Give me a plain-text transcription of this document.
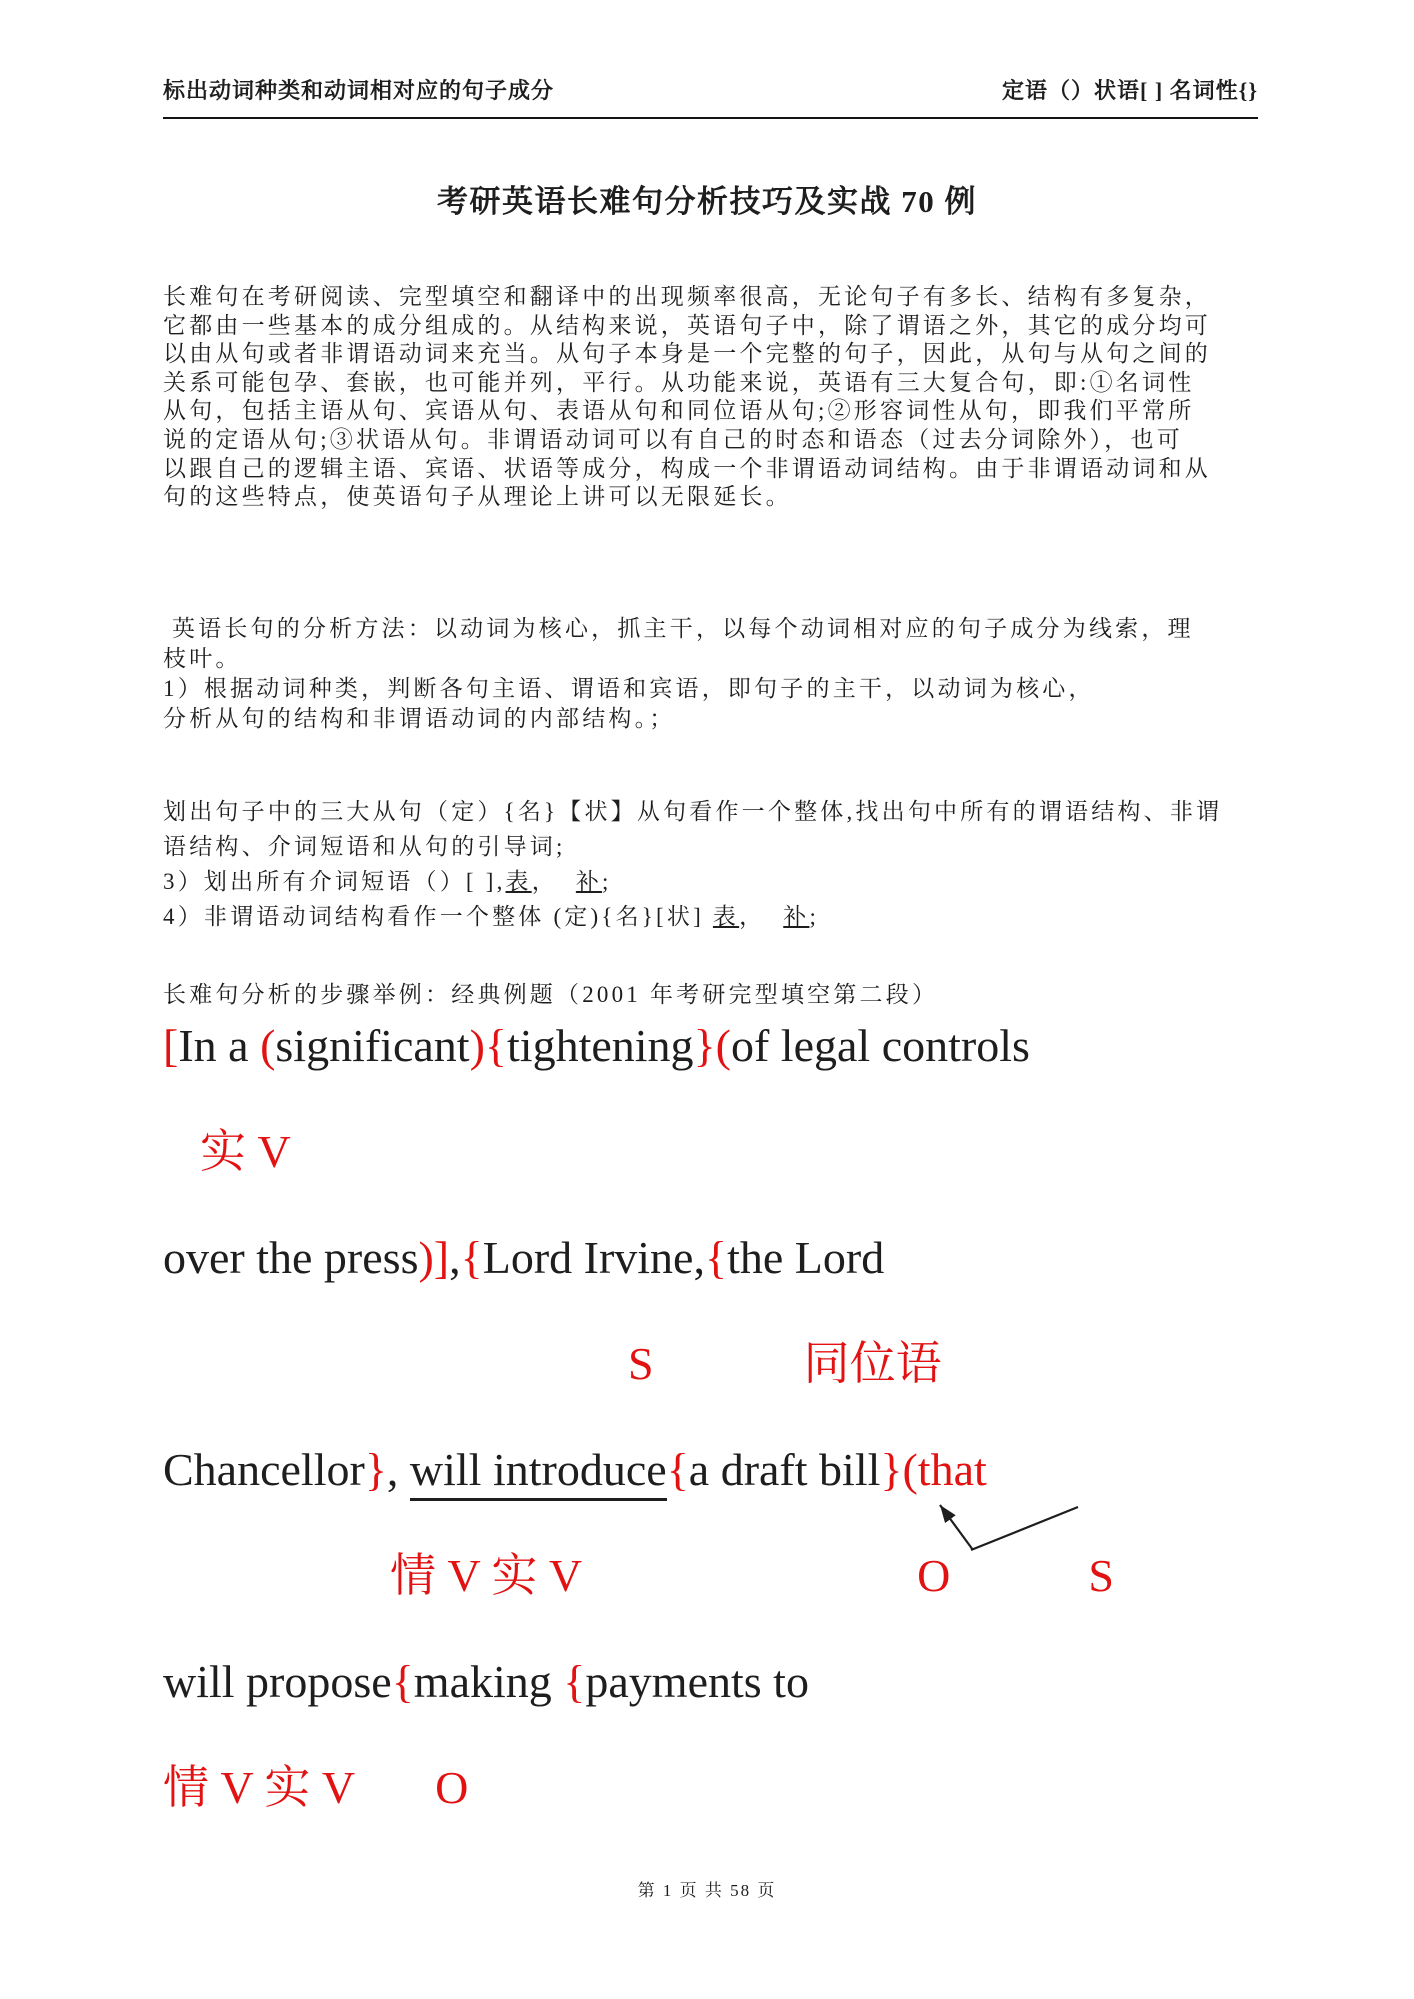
标出动词种类和动词相对应的句子成分	定语（）状语[ ] 名词性{}
考研英语长难句分析技巧及实战 70 例
长难句在考研阅读、完型填空和翻译中的出现频率很高，无论句子有多长、结构有多复杂，
它都由一些基本的成分组成的。从结构来说，英语句子中，除了谓语之外，其它的成分均可
以由从句或者非谓语动词来充当。从句子本身是一个完整的句子，因此，从句与从句之间的
关系可能包孕、套嵌，也可能并列，平行。从功能来说，英语有三大复合句，即:①名词性
从句，包括主语从句、宾语从句、表语从句和同位语从句;②形容词性从句，即我们平常所
说的定语从句;③状语从句。非谓语动词可以有自己的时态和语态（过去分词除外），也可
以跟自己的逻辑主语、宾语、状语等成分，构成一个非谓语动词结构。由于非谓语动词和从
句的这些特点，使英语句子从理论上讲可以无限延长。
英语长句的分析方法：以动词为核心，抓主干，以每个动词相对应的句子成分为线索，理
枝叶。
1）根据动词种类，判断各句主语、谓语和宾语，即句子的主干，以动词为核心，
分析从句的结构和非谓语动词的内部结构。；
划出句子中的三大从句（定）{名}【状】从句看作一个整体,找出句中所有的谓语结构、非谓
语结构、介词短语和从句的引导词;
3）划出所有介词短语（）[ ],表，  补;
4）非谓语动词结构看作一个整体 (定){名}[状] 表，  补;
长难句分析的步骤举例：经典例题（2001 年考研完型填空第二段）
[In a (significant){tightening}(of legal controls
实 V
over the press)],{Lord Irvine,{the Lord
S	同位语
Chancellor}, will introduce{a draft bill}(that
情 V 实 V	O	S
will propose{making {payments to
情 V 实 V O
第 1 页 共 58 页
